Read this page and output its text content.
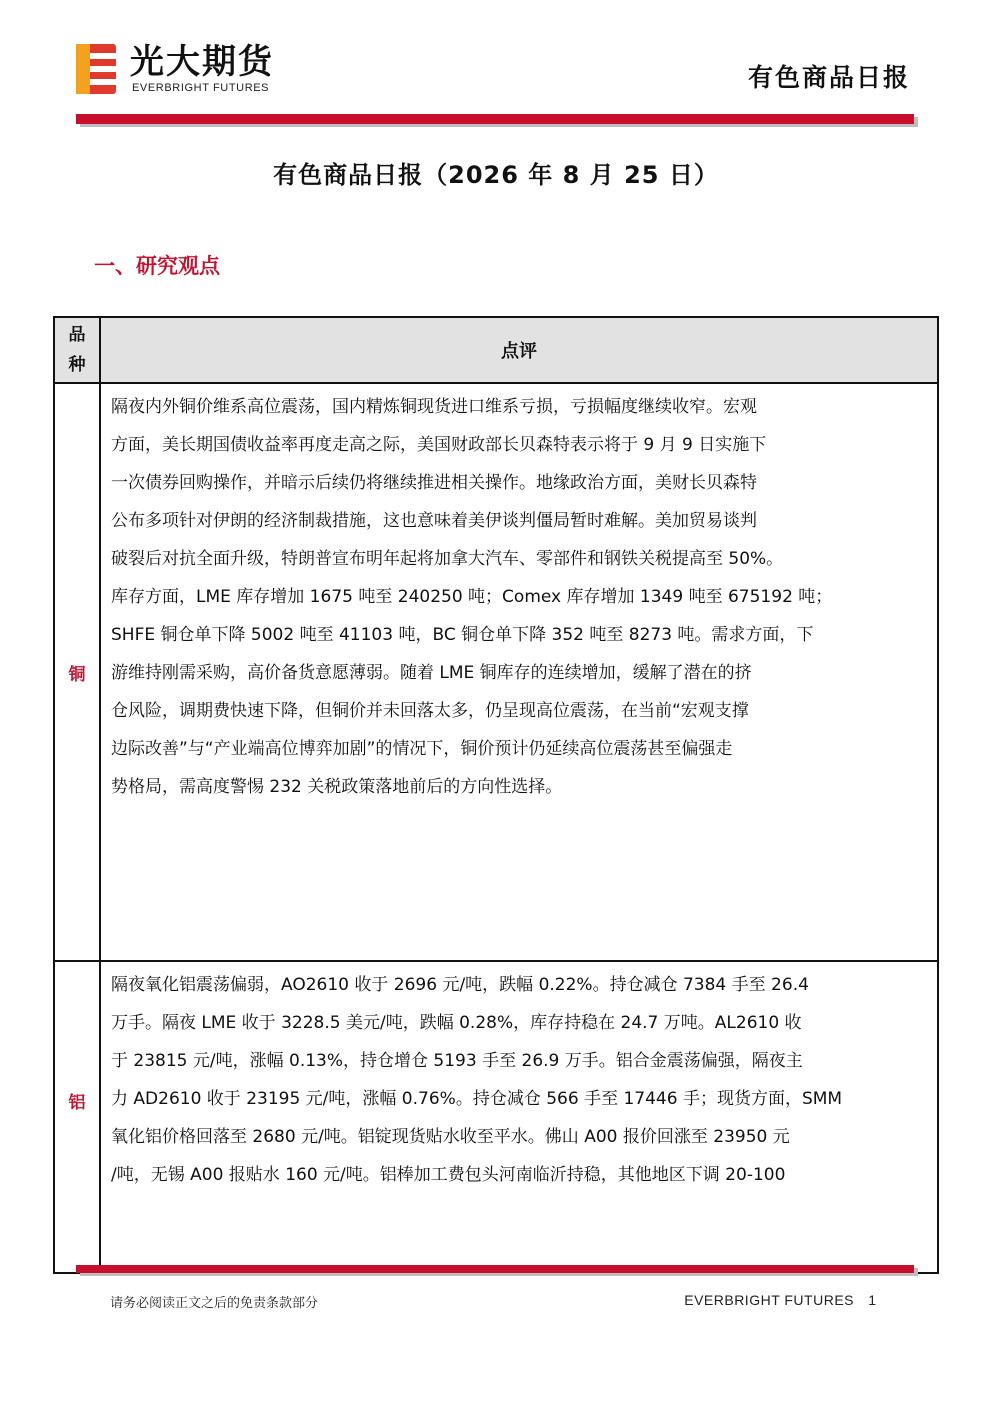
光大期货
EVERBRIGHT FUTURES	有色商品日报
有色商品日报（2026 年 8 月 25 日）
一、研究观点
品种
点评
铜
隔夜内外铜价维系高位震荡，国内精炼铜现货进口维系亏损，亏损幅度继续收窄。宏观
方面，美长期国债收益率再度走高之际，美国财政部长贝森特表示将于 9 月 9 日实施下
一次债券回购操作，并暗示后续仍将继续推进相关操作。地缘政治方面，美财长贝森特
公布多项针对伊朗的经济制裁措施，这也意味着美伊谈判僵局暂时难解。美加贸易谈判
破裂后对抗全面升级，特朗普宣布明年起将加拿大汽车、零部件和钢铁关税提高至 50%。
库存方面，LME 库存增加 1675 吨至 240250 吨；Comex 库存增加 1349 吨至 675192 吨；
SHFE 铜仓单下降 5002 吨至 41103 吨，BC 铜仓单下降 352 吨至 8273 吨。需求方面，下
游维持刚需采购，高价备货意愿薄弱。随着 LME 铜库存的连续增加，缓解了潜在的挤
仓风险，调期费快速下降，但铜价并未回落太多，仍呈现高位震荡，在当前“宏观支撑
边际改善”与“产业端高位博弈加剧”的情况下，铜价预计仍延续高位震荡甚至偏强走
势格局，需高度警惕 232 关税政策落地前后的方向性选择。
铝
隔夜氧化铝震荡偏弱，AO2610 收于 2696 元/吨，跌幅 0.22%。持仓减仓 7384 手至 26.4
万手。隔夜 LME 收于 3228.5 美元/吨，跌幅 0.28%，库存持稳在 24.7 万吨。AL2610 收
于 23815 元/吨，涨幅 0.13%，持仓增仓 5193 手至 26.9 万手。铝合金震荡偏强，隔夜主
力 AD2610 收于 23195 元/吨，涨幅 0.76%。持仓减仓 566 手至 17446 手；现货方面，SMM
氧化铝价格回落至 2680 元/吨。铝锭现货贴水收至平水。佛山 A00 报价回涨至 23950 元
/吨，无锡 A00 报贴水 160 元/吨。铝棒加工费包头河南临沂持稳，其他地区下调 20-100
请务必阅读正文之后的免责条款部分	EVERBRIGHT FUTURES 1
